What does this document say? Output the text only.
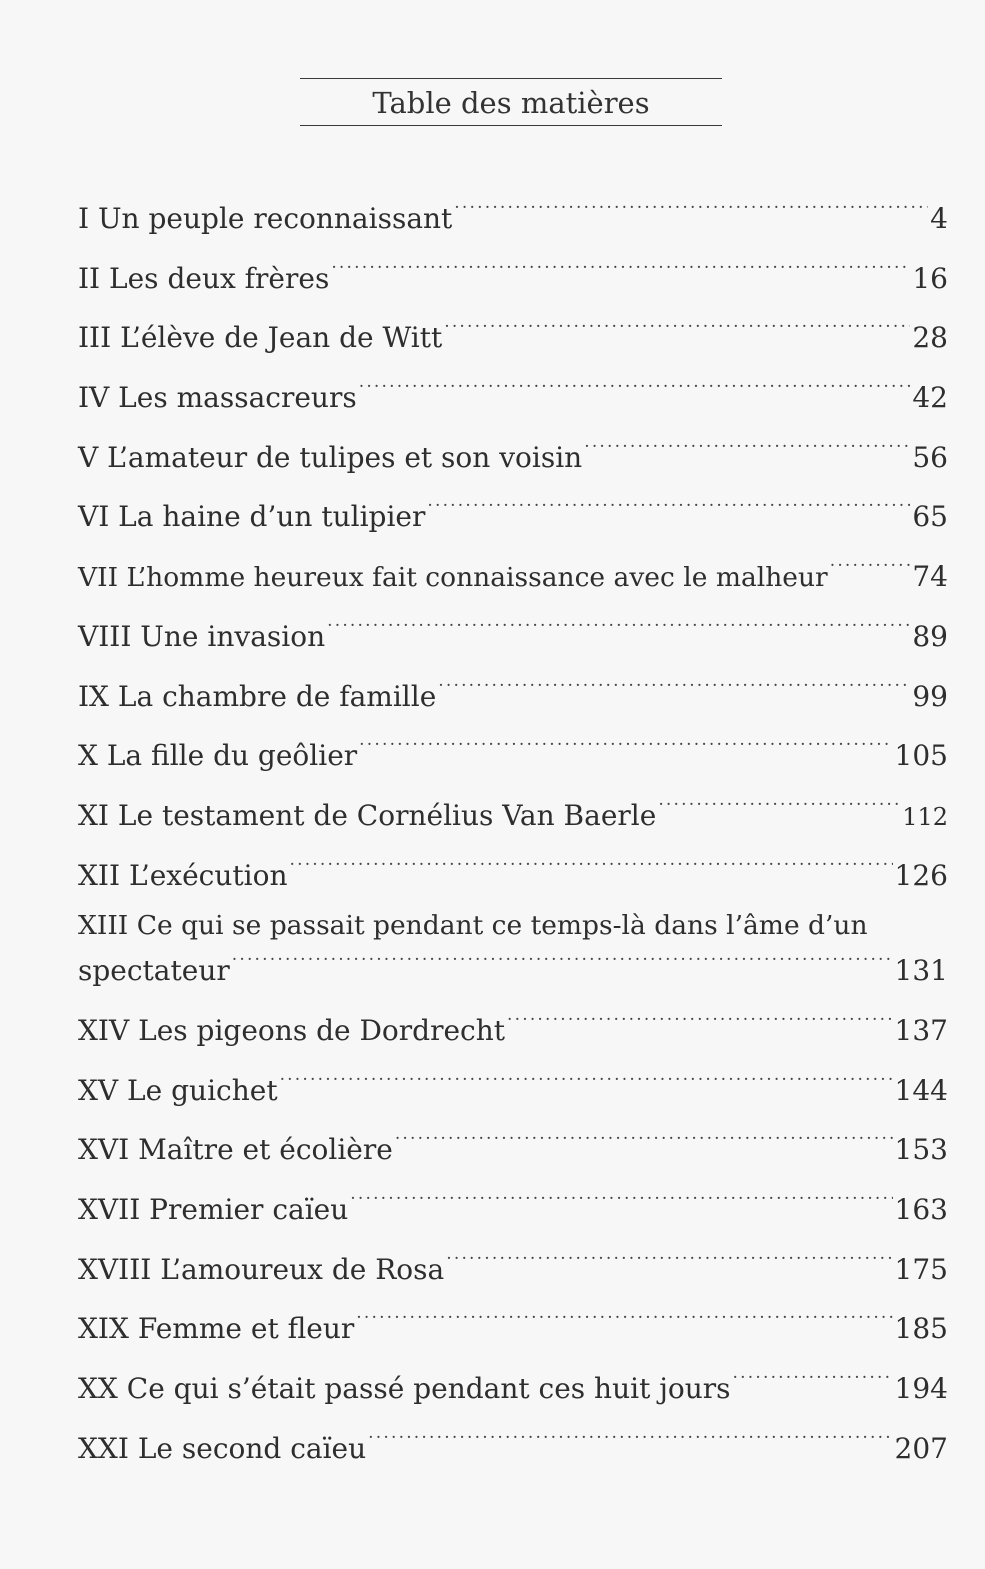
Table des matières
I Un peuple reconnaissant .....	4
II Les deux frères .....	16
III L’élève de Jean de Witt .....	28
IV Les massacreurs .....	42
V L’amateur de tulipes et son voisin .....	56
VI La haine d’un tulipier .....	65
VII L’homme heureux fait connaissance avec le malheur .....	74
VIII Une invasion .....	89
IX La chambre de famille .....	99
X La fille du geôlier .....	105
XI Le testament de Cornélius Van Baerle .....	112
XII L’exécution .....	126
XIII Ce qui se passait pendant ce temps-là dans l’âme d’un
spectateur .....	131
XIV Les pigeons de Dordrecht .....	137
XV Le guichet .....	144
XVI Maître et écolière .....	153
XVII Premier caïeu .....	163
XVIII L’amoureux de Rosa .....	175
XIX Femme et fleur .....	185
XX Ce qui s’était passé pendant ces huit jours .....	194
XXI Le second caïeu .....	207
